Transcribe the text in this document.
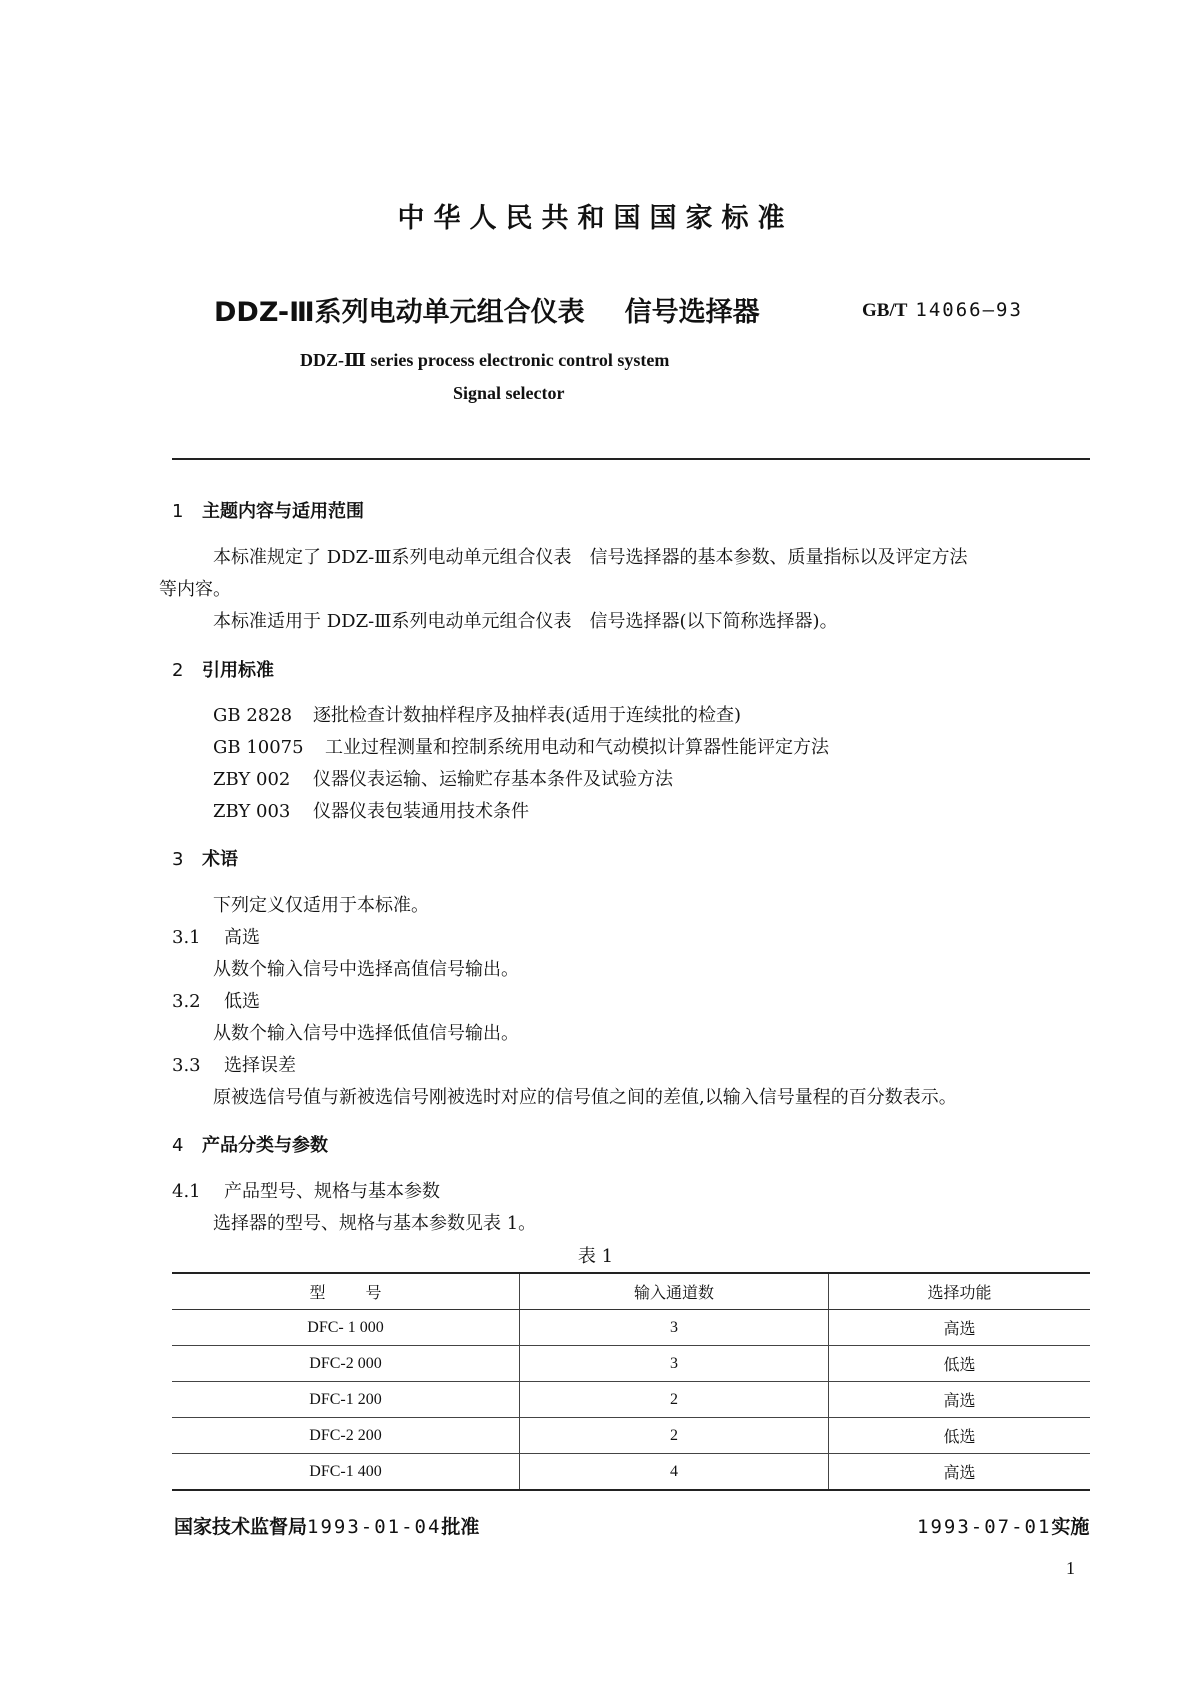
中华人民共和国国家标准
DDZ-Ⅲ系列电动单元组合仪表 信号选择器	GB/T 14066—93
DDZ-Ⅲ series process electronic control system
Signal selector
1 主题内容与适用范围
本标准规定了 DDZ-Ⅲ系列电动单元组合仪表　信号选择器的基本参数、质量指标以及评定方法
等内容。
本标准适用于 DDZ-Ⅲ系列电动单元组合仪表　信号选择器(以下简称选择器)。
2 引用标准
GB 2828 逐批检查计数抽样程序及抽样表(适用于连续批的检查)
GB 10075 工业过程测量和控制系统用电动和气动模拟计算器性能评定方法
ZBY 002 仪器仪表运输、运输贮存基本条件及试验方法
ZBY 003 仪器仪表包装通用技术条件
3 术语
下列定义仅适用于本标准。
3.1 高选
从数个输入信号中选择高值信号输出。
3.2 低选
从数个输入信号中选择低值信号输出。
3.3 选择误差
原被选信号值与新被选信号刚被选时对应的信号值之间的差值,以输入信号量程的百分数表示。
4 产品分类与参数
4.1 产品型号、规格与基本参数
选择器的型号、规格与基本参数见表 1。
表 1
型号	输入通道数	选择功能
DFC- 1 000	3	高选
DFC-2 000	3	低选
DFC-1 200	2	高选
DFC-2 200	2	低选
DFC-1 400	4	高选
国家技术监督局1993-01-04批准	1993-07-01实施
1
